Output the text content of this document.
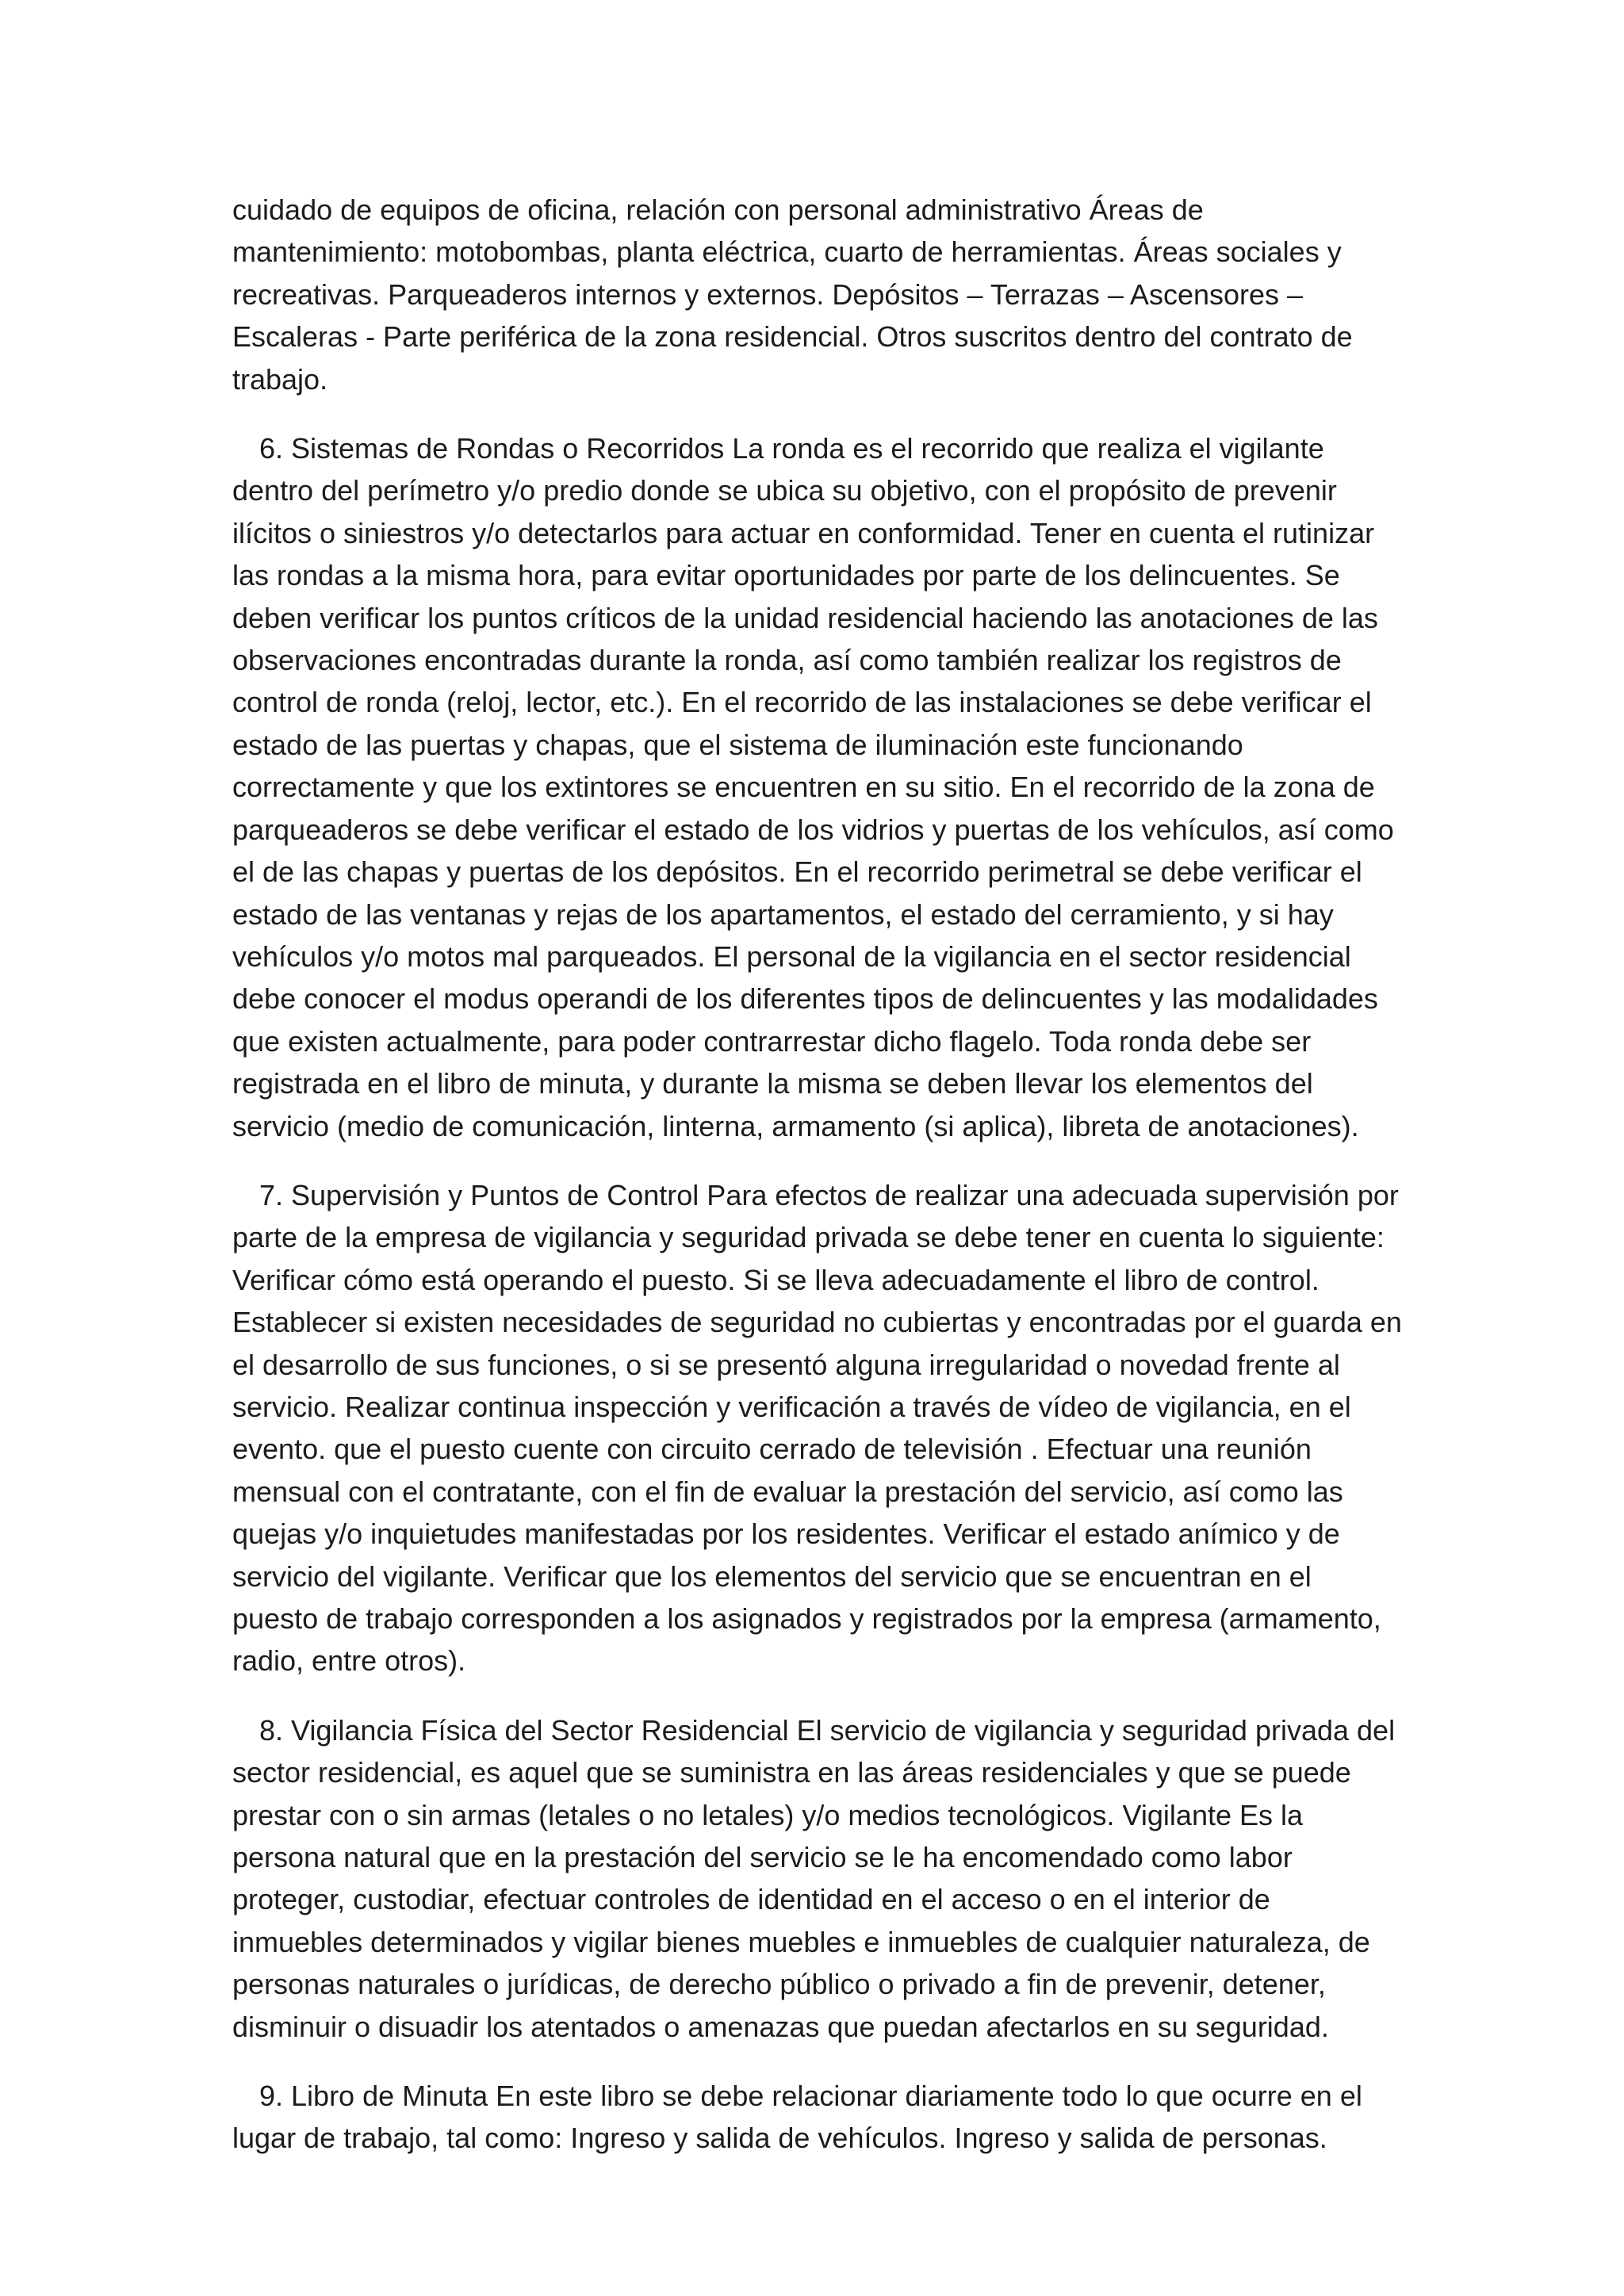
cuidado de equipos de oficina, relación con personal administrativo Áreas de mantenimiento: motobombas, planta eléctrica, cuarto de herramientas. Áreas sociales y recreativas. Parqueaderos internos y externos. Depósitos – Terrazas – Ascensores – Escaleras - Parte periférica de la zona residencial. Otros suscritos dentro del contrato de trabajo.

6. Sistemas de Rondas o Recorridos La ronda es el recorrido que realiza el vigilante dentro del perímetro y/o predio donde se ubica su objetivo, con el propósito de prevenir ilícitos o siniestros y/o detectarlos para actuar en conformidad. Tener en cuenta el rutinizar las rondas a la misma hora, para evitar oportunidades por parte de los delincuentes. Se deben verificar los puntos críticos de la unidad residencial haciendo las anotaciones de las observaciones encontradas durante la ronda, así como también realizar los registros de control de ronda (reloj, lector, etc.). En el recorrido de las instalaciones se debe verificar el estado de las puertas y chapas, que el sistema de iluminación este funcionando correctamente y que los extintores se encuentren en su sitio. En el recorrido de la zona de parqueaderos se debe verificar el estado de los vidrios y puertas de los vehículos, así como el de las chapas y puertas de los depósitos. En el recorrido perimetral se debe verificar el estado de las ventanas y rejas de los apartamentos, el estado del cerramiento, y si hay vehículos y/o motos mal parqueados. El personal de la vigilancia en el sector residencial debe conocer el modus operandi de los diferentes tipos de delincuentes y las modalidades que existen actualmente, para poder contrarrestar dicho flagelo. Toda ronda debe ser registrada en el libro de minuta, y durante la misma se deben llevar los elementos del servicio (medio de comunicación, linterna, armamento (si aplica), libreta de anotaciones).

7. Supervisión y Puntos de Control Para efectos de realizar una adecuada supervisión por parte de la empresa de vigilancia y seguridad privada se debe tener en cuenta lo siguiente: Verificar cómo está operando el puesto. Si se lleva adecuadamente el libro de control. Establecer si existen necesidades de seguridad no cubiertas y encontradas por el guarda en el desarrollo de sus funciones, o si se presentó alguna irregularidad o novedad frente al servicio. Realizar continua inspección y verificación a través de vídeo de vigilancia, en el evento. que el puesto cuente con circuito cerrado de televisión . Efectuar una reunión mensual con el contratante, con el fin de evaluar la prestación del servicio, así como las quejas y/o inquietudes manifestadas por los residentes. Verificar el estado anímico y de servicio del vigilante. Verificar que los elementos del servicio que se encuentran en el puesto de trabajo corresponden a los asignados y registrados por la empresa (armamento, radio, entre otros).

8. Vigilancia Física del Sector Residencial El servicio de vigilancia y seguridad privada del sector residencial, es aquel que se suministra en las áreas residenciales y que se puede prestar con o sin armas (letales o no letales) y/o medios tecnológicos. Vigilante Es la persona natural que en la prestación del servicio se le ha encomendado como labor proteger, custodiar, efectuar controles de identidad en el acceso o en el interior de inmuebles determinados y vigilar bienes muebles e inmuebles de cualquier naturaleza, de personas naturales o jurídicas, de derecho público o privado a fin de prevenir, detener, disminuir o disuadir los atentados o amenazas que puedan afectarlos en su seguridad.

9. Libro de Minuta En este libro se debe relacionar diariamente todo lo que ocurre en el lugar de trabajo, tal como: Ingreso y salida de vehículos. Ingreso y salida de personas.
